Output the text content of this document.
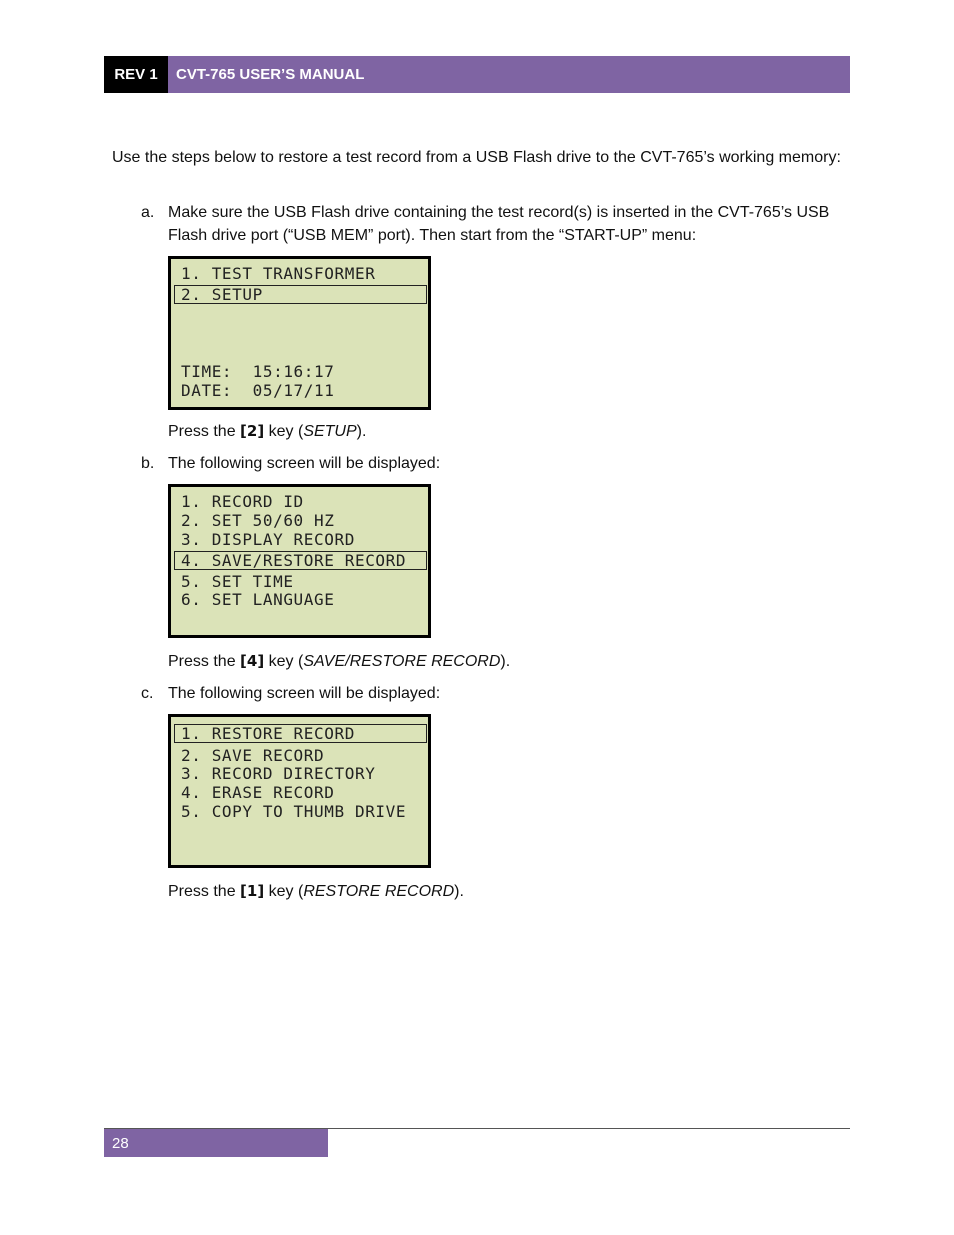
REV 1	CVT-765 USER’S MANUAL
Use the steps below to restore a test record from a USB Flash drive to the CVT-765’s working memory:
a. Make sure the USB Flash drive containing the test record(s) is inserted in the CVT-765’s USB Flash drive port (“USB MEM” port). Then start from the “START-UP” menu:
1. TEST TRANSFORMER
2. SETUP
TIME:  15:16:17
DATE:  05/17/11
Press the [2] key (SETUP).
b. The following screen will be displayed:
1. RECORD ID
2. SET 50/60 HZ
3. DISPLAY RECORD
4. SAVE/RESTORE RECORD
5. SET TIME
6. SET LANGUAGE
Press the [4] key (SAVE/RESTORE RECORD).
c. The following screen will be displayed:
1. RESTORE RECORD
2. SAVE RECORD
3. RECORD DIRECTORY
4. ERASE RECORD
5. COPY TO THUMB DRIVE
Press the [1] key (RESTORE RECORD).
28
